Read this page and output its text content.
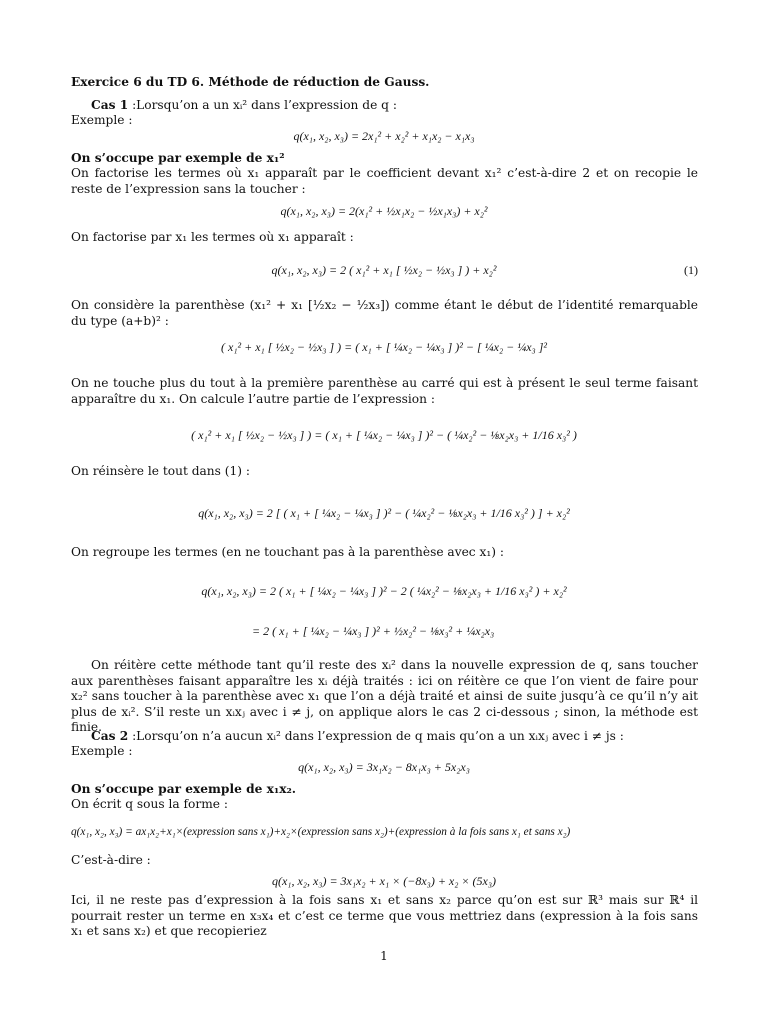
Exercice 6 du TD 6. Méthode de réduction de Gauss.
Cas 1 :Lorsqu’on a un xᵢ² dans l’expression de q :
Exemple :
q(x₁, x₂, x₃) = 2x₁² + x₂² + x₁x₂ − x₁x₃
On s’occupe par exemple de x₁²
On factorise les termes où x₁ apparaît par le coefficient devant x₁² c’est-à-dire 2 et on recopie le reste de l’expression sans la toucher :
q(x₁, x₂, x₃) = 2(x₁² + ½x₁x₂ − ½x₁x₃) + x₂²
On factorise par x₁ les termes où x₁ apparaît :
q(x₁, x₂, x₃) = 2 ( x₁² + x₁ [ ½x₂ − ½x₃ ] ) + x₂²	(1)
On considère la parenthèse (x₁² + x₁ [½x₂ − ½x₃]) comme étant le début de l’identité remarquable du type (a+b)² :
( x₁² + x₁ [ ½x₂ − ½x₃ ] ) = ( x₁ + [ ¼x₂ − ¼x₃ ] )² − [ ¼x₂ − ¼x₃ ]²
On ne touche plus du tout à la première parenthèse au carré qui est à présent le seul terme faisant apparaître du x₁. On calcule l’autre partie de l’expression :
( x₁² + x₁ [ ½x₂ − ½x₃ ] ) = ( x₁ + [ ¼x₂ − ¼x₃ ] )² − ( ¼x₂² − ⅛x₂x₃ + 1/16 x₃² )
On réinsère le tout dans (1) :
q(x₁, x₂, x₃) = 2 [ ( x₁ + [ ¼x₂ − ¼x₃ ] )² − ( ¼x₂² − ⅛x₂x₃ + 1/16 x₃² ) ] + x₂²
On regroupe les termes (en ne touchant pas à la parenthèse avec x₁) :
q(x₁, x₂, x₃) = 2 ( x₁ + [ ¼x₂ − ¼x₃ ] )² − 2 ( ¼x₂² − ⅛x₂x₃ + 1/16 x₃² ) + x₂²
= 2 ( x₁ + [ ¼x₂ − ¼x₃ ] )² + ½x₂² − ⅛x₃² + ¼x₂x₃
On réitère cette méthode tant qu’il reste des xᵢ² dans la nouvelle expression de q, sans toucher aux parenthèses faisant apparaître les xᵢ déjà traités : ici on réitère ce que l’on vient de faire pour x₂² sans toucher à la parenthèse avec x₁ que l’on a déjà traité et ainsi de suite jusqu’à ce qu’il n’y ait plus de xᵢ². S’il reste un xᵢxⱼ avec i ≠ j, on applique alors le cas 2 ci-dessous ; sinon, la méthode est finie.
Cas 2 :Lorsqu’on n’a aucun xᵢ² dans l’expression de q mais qu’on a un xᵢxⱼ avec i ≠ js :
Exemple :
q(x₁, x₂, x₃) = 3x₁x₂ − 8x₁x₃ + 5x₂x₃
On s’occupe par exemple de x₁x₂.
On écrit q sous la forme :
q(x₁, x₂, x₃) = ax₁x₂+x₁×(expression sans x₁)+x₂×(expression sans x₂)+(expression à la fois sans x₁ et sans x₂)
C’est-à-dire :
q(x₁, x₂, x₃) = 3x₁x₂ + x₁ × (−8x₃) + x₂ × (5x₃)
Ici, il ne reste pas d’expression à la fois sans x₁ et sans x₂ parce qu’on est sur ℝ³ mais sur ℝ⁴ il pourrait rester un terme en x₃x₄ et c’est ce terme que vous mettriez dans (expression à la fois sans x₁ et sans x₂) et que recopieriez
1
